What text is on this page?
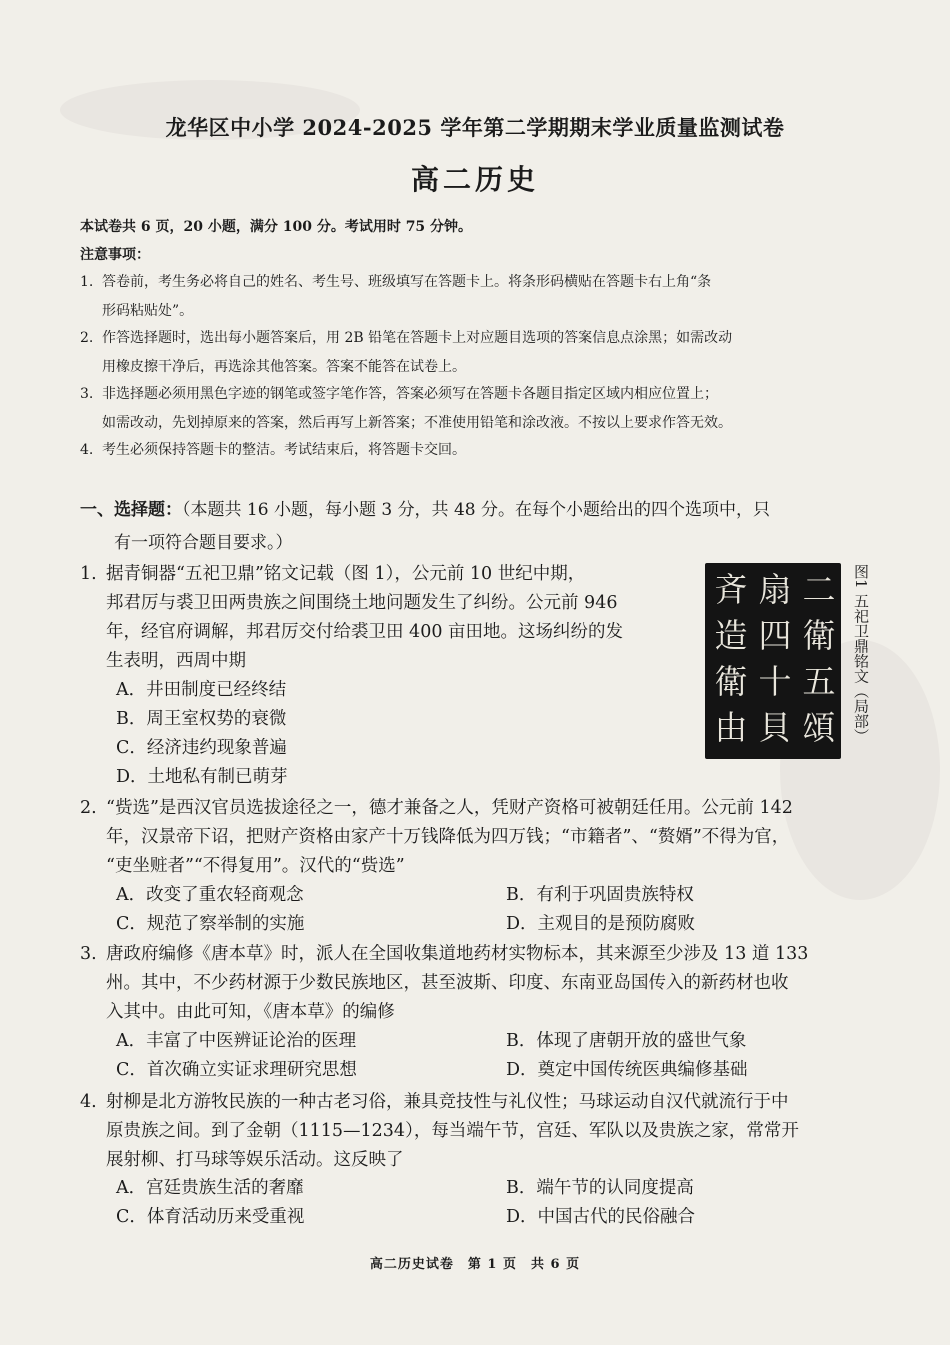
龙华区中小学 2024-2025 学年第二学期期末学业质量监测试卷
高二历史
本试卷共 6 页，20 小题，满分 100 分。考试用时 75 分钟。
注意事项：
1. 答卷前，考生务必将自己的姓名、考生号、班级填写在答题卡上。将条形码横贴在答题卡右上角“条
形码粘贴处”。
2. 作答选择题时，选出每小题答案后，用 2B 铅笔在答题卡上对应题目选项的答案信息点涂黑；如需改动
用橡皮擦干净后，再选涂其他答案。答案不能答在试卷上。
3. 非选择题必须用黑色字迹的钢笔或签字笔作答，答案必须写在答题卡各题目指定区域内相应位置上；
如需改动，先划掉原来的答案，然后再写上新答案；不准使用铅笔和涂改液。不按以上要求作答无效。
4. 考生必须保持答题卡的整洁。考试结束后，将答题卡交回。
一、选择题：（本题共 16 小题，每小题 3 分，共 48 分。在每个小题给出的四个选项中，只
有一项符合题目要求。）
1. 据青铜器“五祀卫鼎”铭文记载（图 1），公元前 10 世纪中期，
邦君厉与裘卫田两贵族之间围绕土地问题发生了纠纷。公元前 946
年，经官府调解，邦君厉交付给裘卫田 400 亩田地。这场纠纷的发
生表明，西周中期
A．井田制度已经终结
B．周王室权势的衰微
C．经济违约现象普遍
D．土地私有制已萌芽
二
衛
五
頌
扇
四
十
貝
斉
造
衛
由	图1 五祀卫鼎铭文（局部）
2. “赀选”是西汉官员选拔途径之一，德才兼备之人，凭财产资格可被朝廷任用。公元前 142
年，汉景帝下诏，把财产资格由家产十万钱降低为四万钱；“市籍者”、“赘婿”不得为官，
“吏坐赃者”“不得复用”。汉代的“赀选”
A．改变了重农轻商观念	B．有利于巩固贵族特权
C．规范了察举制的实施	D．主观目的是预防腐败
3. 唐政府编修《唐本草》时，派人在全国收集道地药材实物标本，其来源至少涉及 13 道 133
州。其中，不少药材源于少数民族地区，甚至波斯、印度、东南亚岛国传入的新药材也收
入其中。由此可知，《唐本草》的编修
A．丰富了中医辨证论治的医理	B．体现了唐朝开放的盛世气象
C．首次确立实证求理研究思想	D．奠定中国传统医典编修基础
4. 射柳是北方游牧民族的一种古老习俗，兼具竞技性与礼仪性；马球运动自汉代就流行于中
原贵族之间。到了金朝（1115—1234），每当端午节，宫廷、军队以及贵族之家，常常开
展射柳、打马球等娱乐活动。这反映了
A．宫廷贵族生活的奢靡	B．端午节的认同度提高
C．体育活动历来受重视	D．中国古代的民俗融合
高二历史试卷　第 1 页　共 6 页
